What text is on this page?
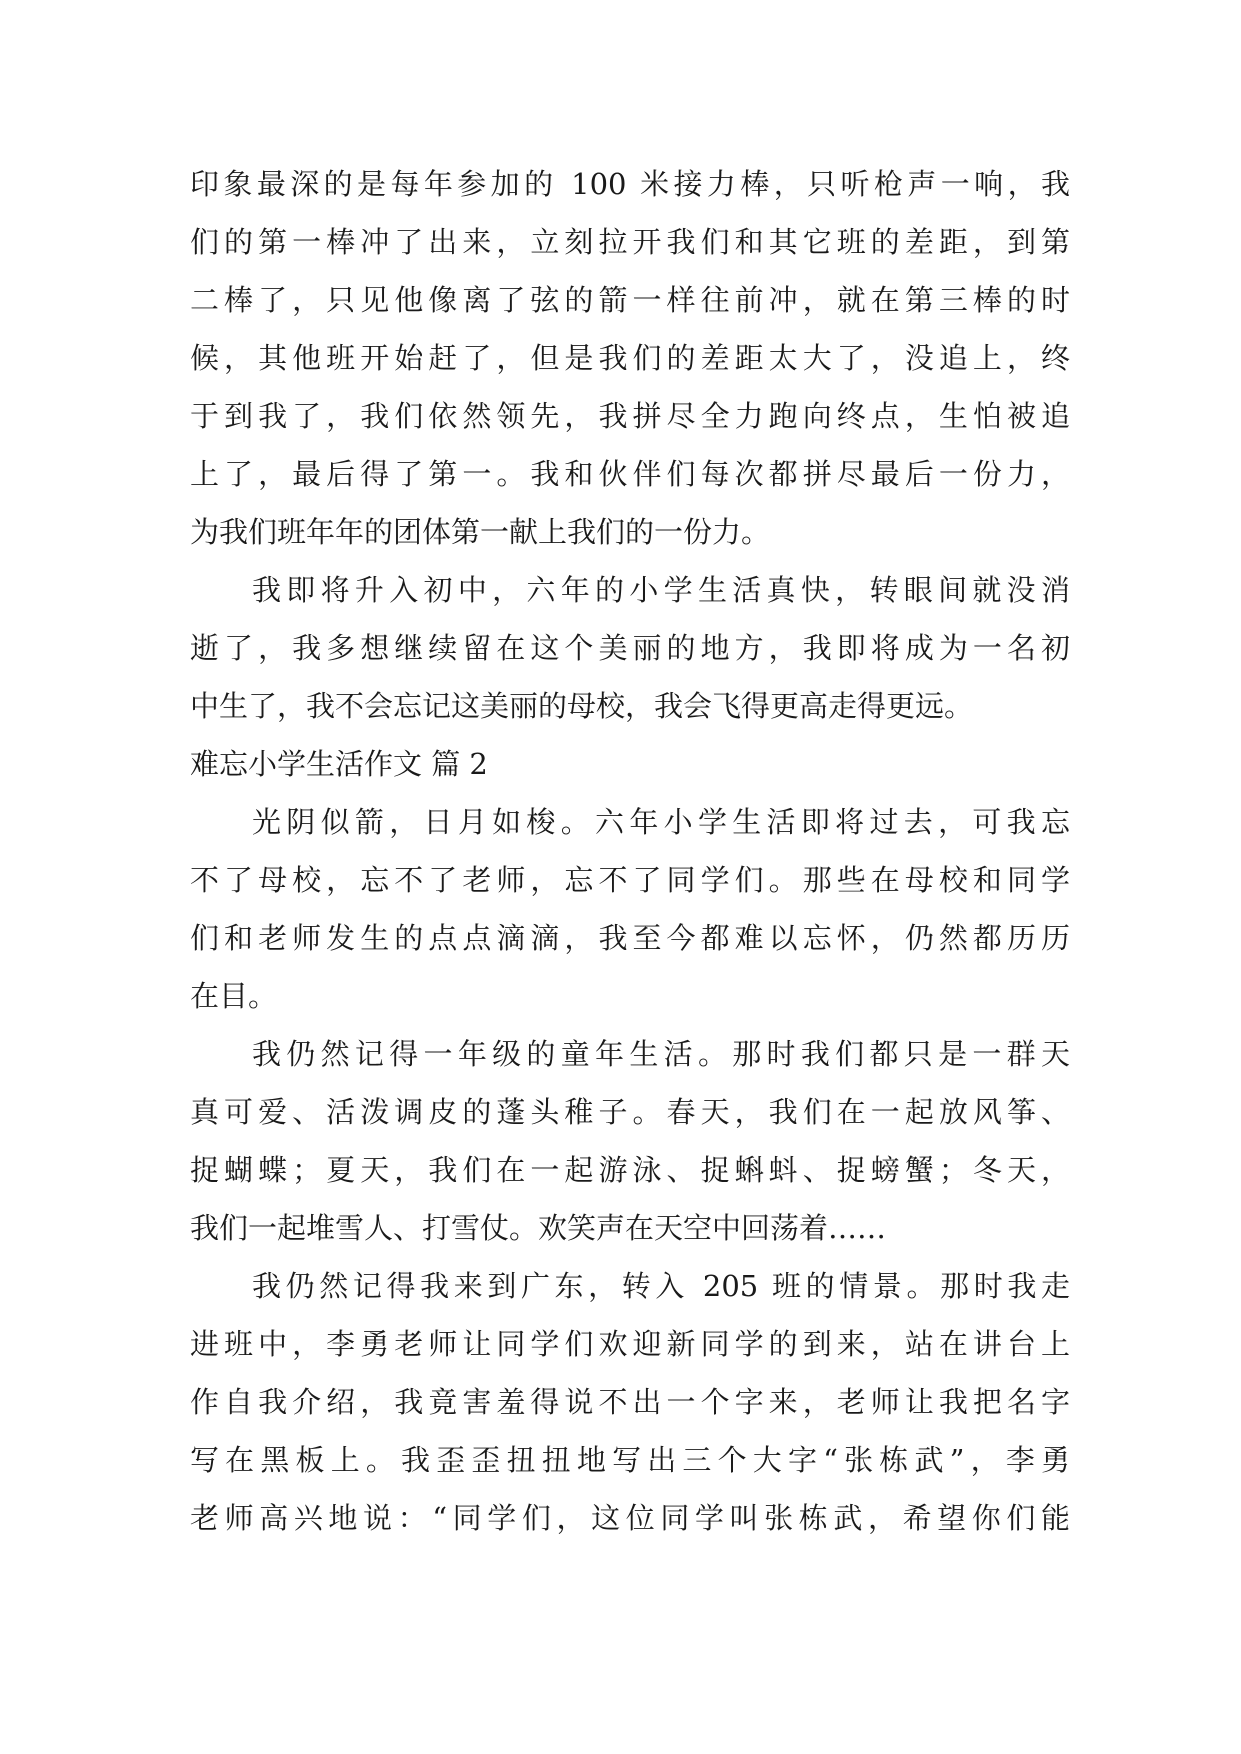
印象最深的是每年参加的 100 米接力棒，只听枪声一响，我
们的第一棒冲了出来，立刻拉开我们和其它班的差距，到第
二棒了，只见他像离了弦的箭一样往前冲，就在第三棒的时
候，其他班开始赶了，但是我们的差距太大了，没追上，终
于到我了，我们依然领先，我拼尽全力跑向终点，生怕被追
上了，最后得了第一。我和伙伴们每次都拼尽最后一份力，
为我们班年年的团体第一献上我们的一份力。
我即将升入初中，六年的小学生活真快，转眼间就没消
逝了，我多想继续留在这个美丽的地方，我即将成为一名初
中生了，我不会忘记这美丽的母校，我会飞得更高走得更远。
难忘小学生活作文 篇 2
光阴似箭，日月如梭。六年小学生活即将过去，可我忘
不了母校，忘不了老师，忘不了同学们。那些在母校和同学
们和老师发生的点点滴滴，我至今都难以忘怀，仍然都历历
在目。
我仍然记得一年级的童年生活。那时我们都只是一群天
真可爱、活泼调皮的蓬头稚子。春天，我们在一起放风筝、
捉蝴蝶；夏天，我们在一起游泳、捉蝌蚪、捉螃蟹；冬天，
我们一起堆雪人、打雪仗。欢笑声在天空中回荡着……
我仍然记得我来到广东，转入 205 班的情景。那时我走
进班中，李勇老师让同学们欢迎新同学的到来，站在讲台上
作自我介绍，我竟害羞得说不出一个字来，老师让我把名字
写在黑板上。我歪歪扭扭地写出三个大字“张栋武”，李勇
老师高兴地说：“同学们，这位同学叫张栋武，希望你们能
